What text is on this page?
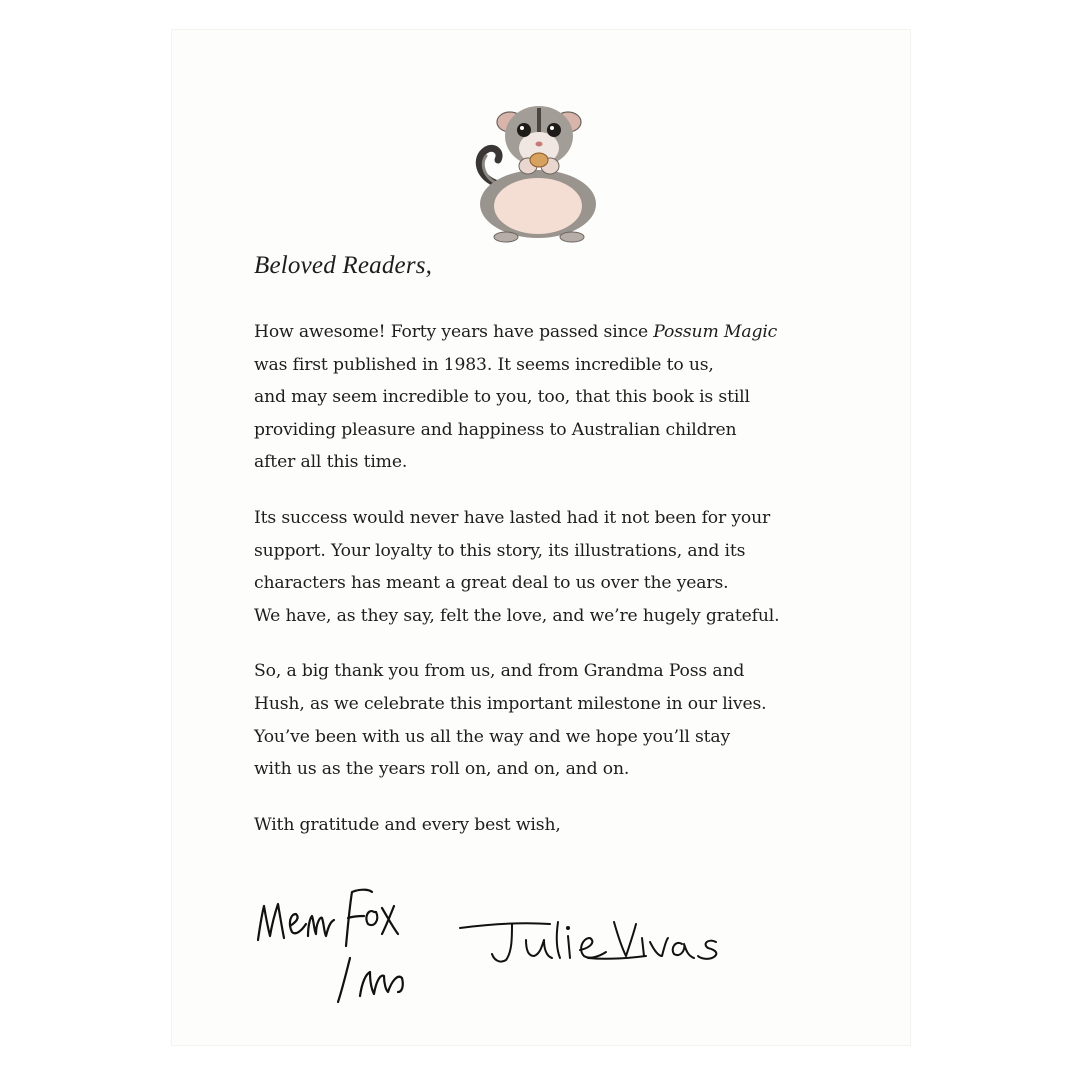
Beloved Readers,

How awesome! Forty years have passed since Possum Magic
was first published in 1983. It seems incredible to us,
and may seem incredible to you, too, that this book is still
providing pleasure and happiness to Australian children
after all this time.

Its success would never have lasted had it not been for your
support. Your loyalty to this story, its illustrations, and its
characters has meant a great deal to us over the years.
We have, as they say, felt the love, and we’re hugely grateful.

So, a big thank you from us, and from Grandma Poss and
Hush, as we celebrate this important milestone in our lives.
You’ve been with us all the way and we hope you’ll stay
with us as the years roll on, and on, and on.

With gratitude and every best wish,
